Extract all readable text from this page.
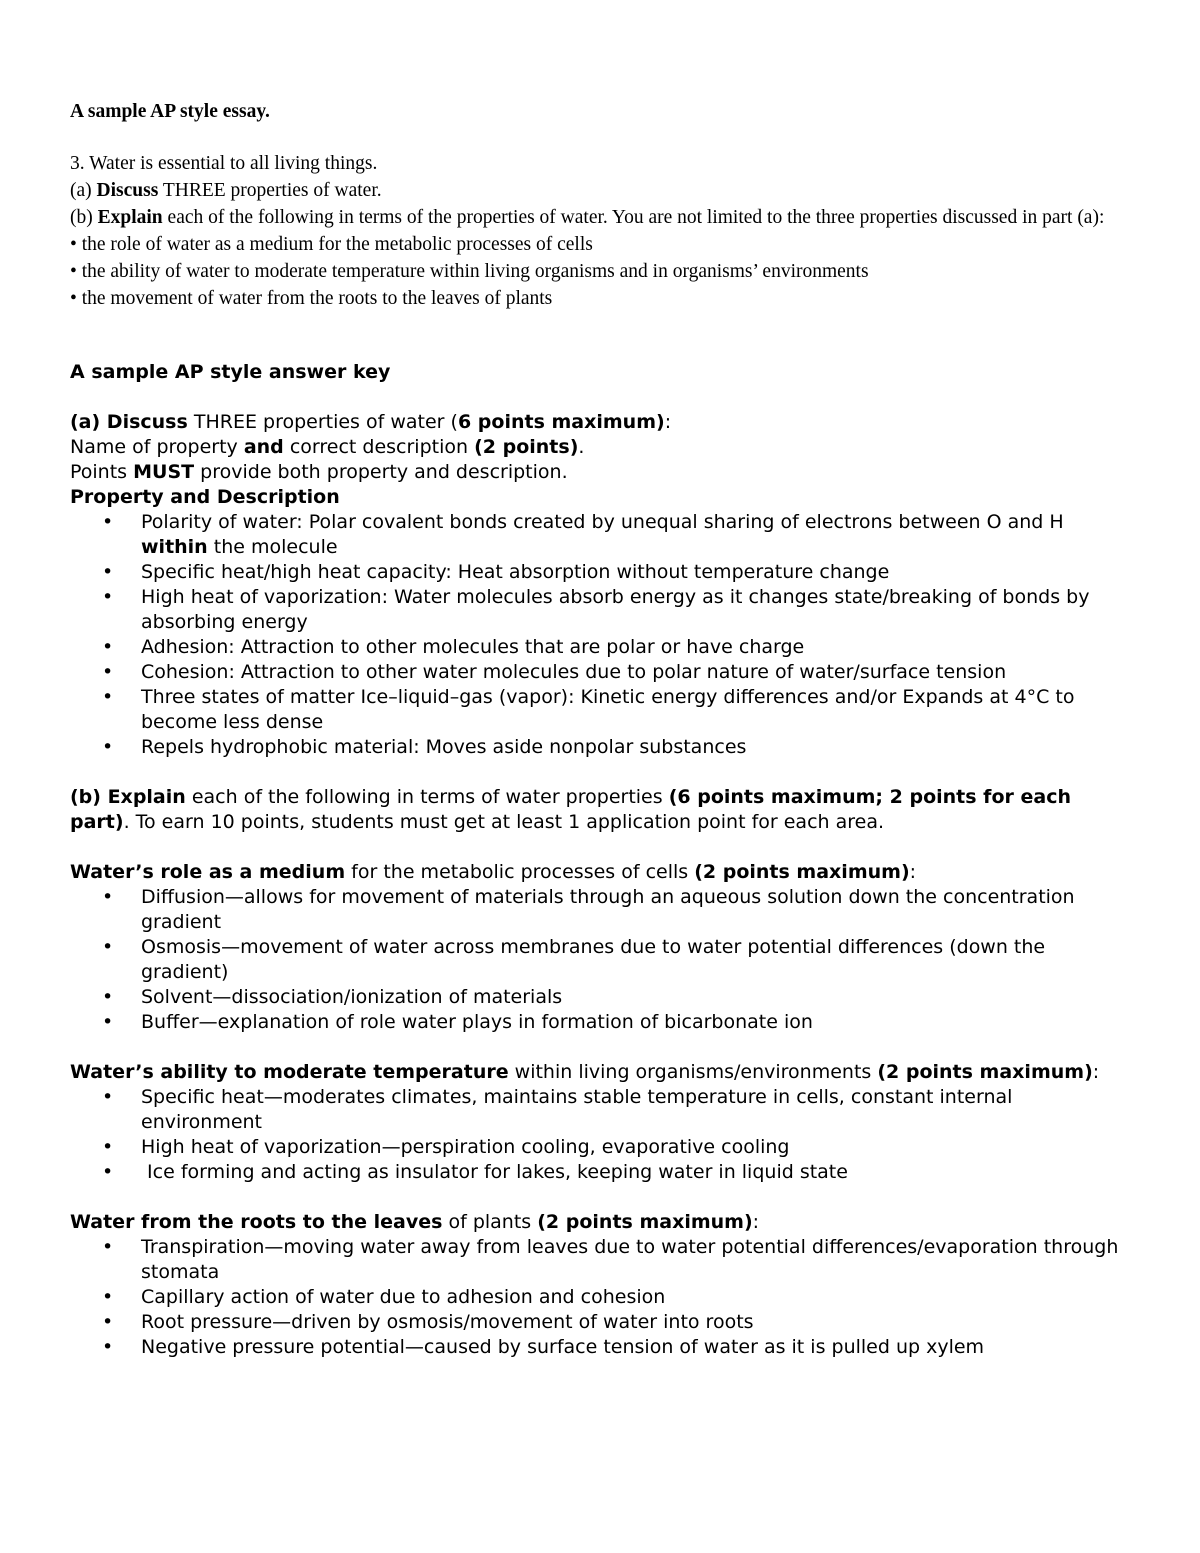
A sample AP style essay.

3. Water is essential to all living things.

(a) Discuss THREE properties of water.

(b) Explain each of the following in terms of the properties of water. You are not limited to the three properties discussed in part (a):

• the role of water as a medium for the metabolic processes of cells

• the ability of water to moderate temperature within living organisms and in organisms’ environments

• the movement of water from the roots to the leaves of plants

A sample AP style answer key

(a) Discuss THREE properties of water (6 points maximum):

Name of property and correct description (2 points).

Points MUST provide both property and description.

Property and Description

• Polarity of water: Polar covalent bonds created by unequal sharing of electrons between O and H within the molecule
• Specific heat/high heat capacity: Heat absorption without temperature change
• High heat of vaporization: Water molecules absorb energy as it changes state/breaking of bonds by absorbing energy
• Adhesion: Attraction to other molecules that are polar or have charge
• Cohesion: Attraction to other water molecules due to polar nature of water/surface tension
• Three states of matter Ice–liquid–gas (vapor): Kinetic energy differences and/or Expands at 4°C to become less dense
• Repels hydrophobic material: Moves aside nonpolar substances

(b) Explain each of the following in terms of water properties (6 points maximum; 2 points for each part). To earn 10 points, students must get at least 1 application point for each area.

Water’s role as a medium for the metabolic processes of cells (2 points maximum):

• Diffusion—allows for movement of materials through an aqueous solution down the concentration gradient
• Osmosis—movement of water across membranes due to water potential differences (down the gradient)
• Solvent—dissociation/ionization of materials
• Buffer—explanation of role water plays in formation of bicarbonate ion

Water’s ability to moderate temperature within living organisms/environments (2 points maximum):

• Specific heat—moderates climates, maintains stable temperature in cells, constant internal environment
• High heat of vaporization—perspiration cooling, evaporative cooling
•  Ice forming and acting as insulator for lakes, keeping water in liquid state

Water from the roots to the leaves of plants (2 points maximum):

• Transpiration—moving water away from leaves due to water potential differences/evaporation through stomata
• Capillary action of water due to adhesion and cohesion
• Root pressure—driven by osmosis/movement of water into roots
• Negative pressure potential—caused by surface tension of water as it is pulled up xylem
